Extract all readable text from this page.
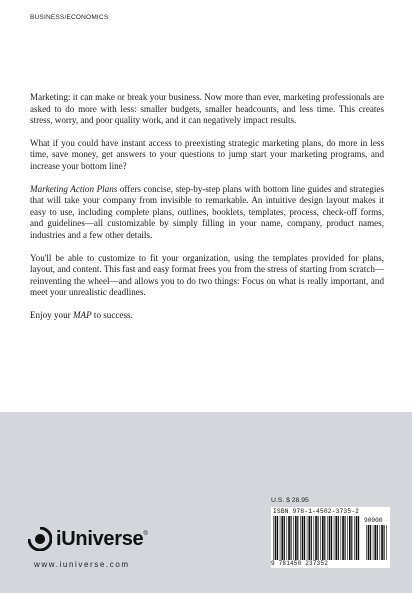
BUSINESS/ECONOMICS

Marketing: it can make or break your business. Now more than ever, marketing professionals are asked to do more with less: smaller budgets, smaller headcounts, and less time. This creates stress, worry, and poor quality work, and it can negatively impact results.

What if you could have instant access to preexisting strategic marketing plans, do more in less time, save money, get answers to your questions to jump start your marketing programs, and increase your bottom line?

Marketing Action Plans offers concise, step-by-step plans with bottom line guides and strategies that will take your company from invisible to remarkable. An intuitive design layout makes it easy to use, including complete plans, outlines, booklets, templates, process, check-off forms, and guidelines—all customizable by simply filling in your name, company, product names, industries and a few other details.

You'll be able to customize to fit your organization, using the templates provided for plans, layout, and content. This fast and easy format frees you from the stress of starting from scratch—reinventing the wheel—and allows you to do two things: Focus on what is really important, and meet your unrealistic deadlines.

Enjoy your MAP to success.

iUniverse ®
www.iuniverse.com
U.S. $ 28.95
ISBN 978-1-4502-3735-2
90000
9 781450 237352
